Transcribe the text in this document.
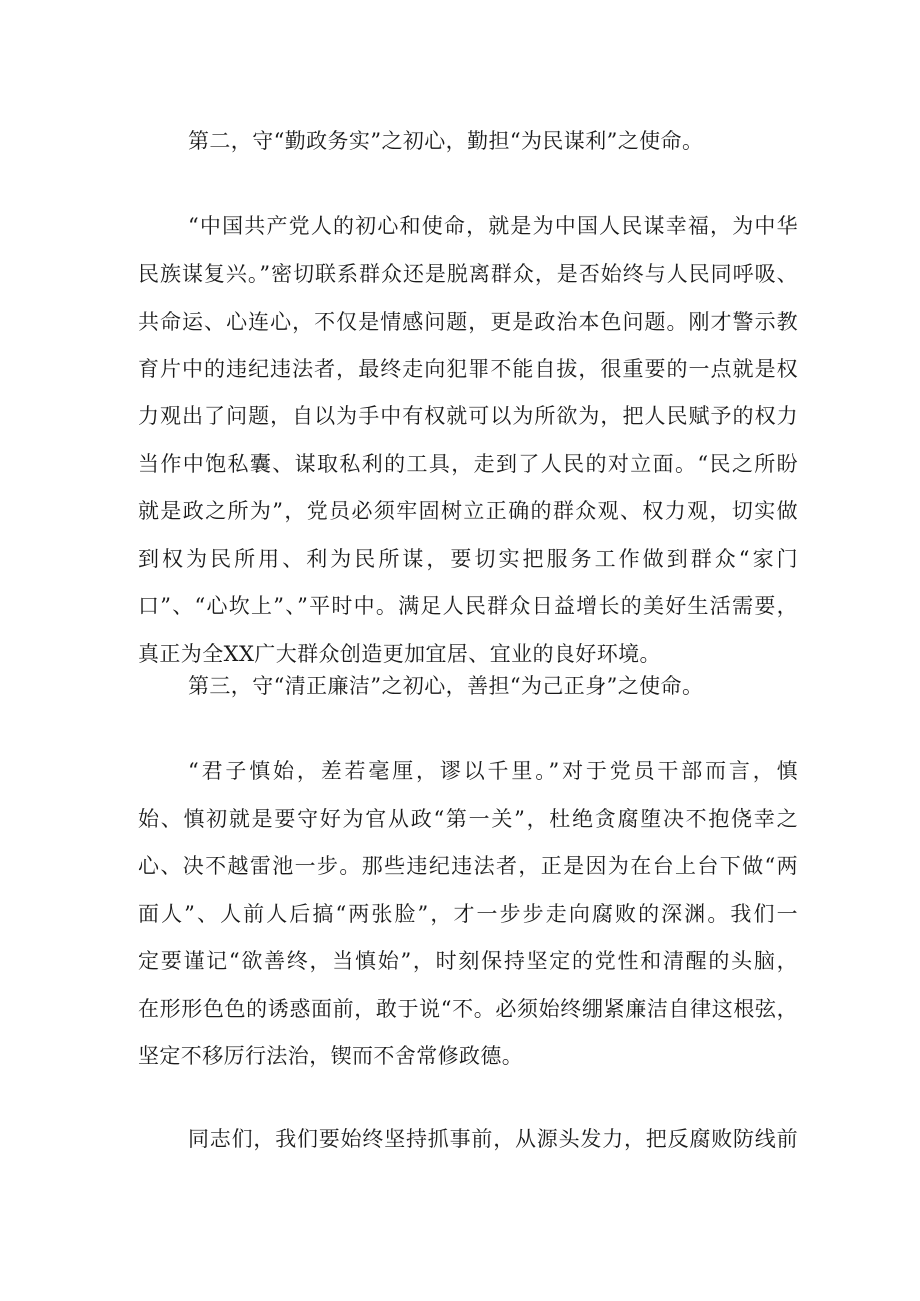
第二，守“勤政务实”之初心，勤担“为民谋利”之使命。
“中国共产党人的初心和使命，就是为中国人民谋幸福，为中华
民族谋复兴。”密切联系群众还是脱离群众，是否始终与人民同呼吸、
共命运、心连心，不仅是情感问题，更是政治本色问题。刚才警示教
育片中的违纪违法者，最终走向犯罪不能自拔，很重要的一点就是权
力观出了问题，自以为手中有权就可以为所欲为，把人民赋予的权力
当作中饱私囊、谋取私利的工具，走到了人民的对立面。“民之所盼
就是政之所为”，党员必须牢固树立正确的群众观、权力观，切实做
到权为民所用、利为民所谋，要切实把服务工作做到群众“家门
口”、“心坎上”、”平时中。满足人民群众日益增长的美好生活需要，
真正为全XX广大群众创造更加宜居、宜业的良好环境。
第三，守“清正廉洁”之初心，善担“为己正身”之使命。
“君子慎始，差若毫厘，谬以千里。”对于党员干部而言，慎
始、慎初就是要守好为官从政“第一关”，杜绝贪腐堕决不抱侥幸之
心、决不越雷池一步。那些违纪违法者，正是因为在台上台下做“两
面人”、人前人后搞“两张脸”，才一步步走向腐败的深渊。我们一
定要谨记“欲善终，当慎始”，时刻保持坚定的党性和清醒的头脑，
在形形色色的诱惑面前，敢于说“不。必须始终绷紧廉洁自律这根弦，
坚定不移厉行法治，锲而不舍常修政德。
同志们，我们要始终坚持抓事前，从源头发力，把反腐败防线前
